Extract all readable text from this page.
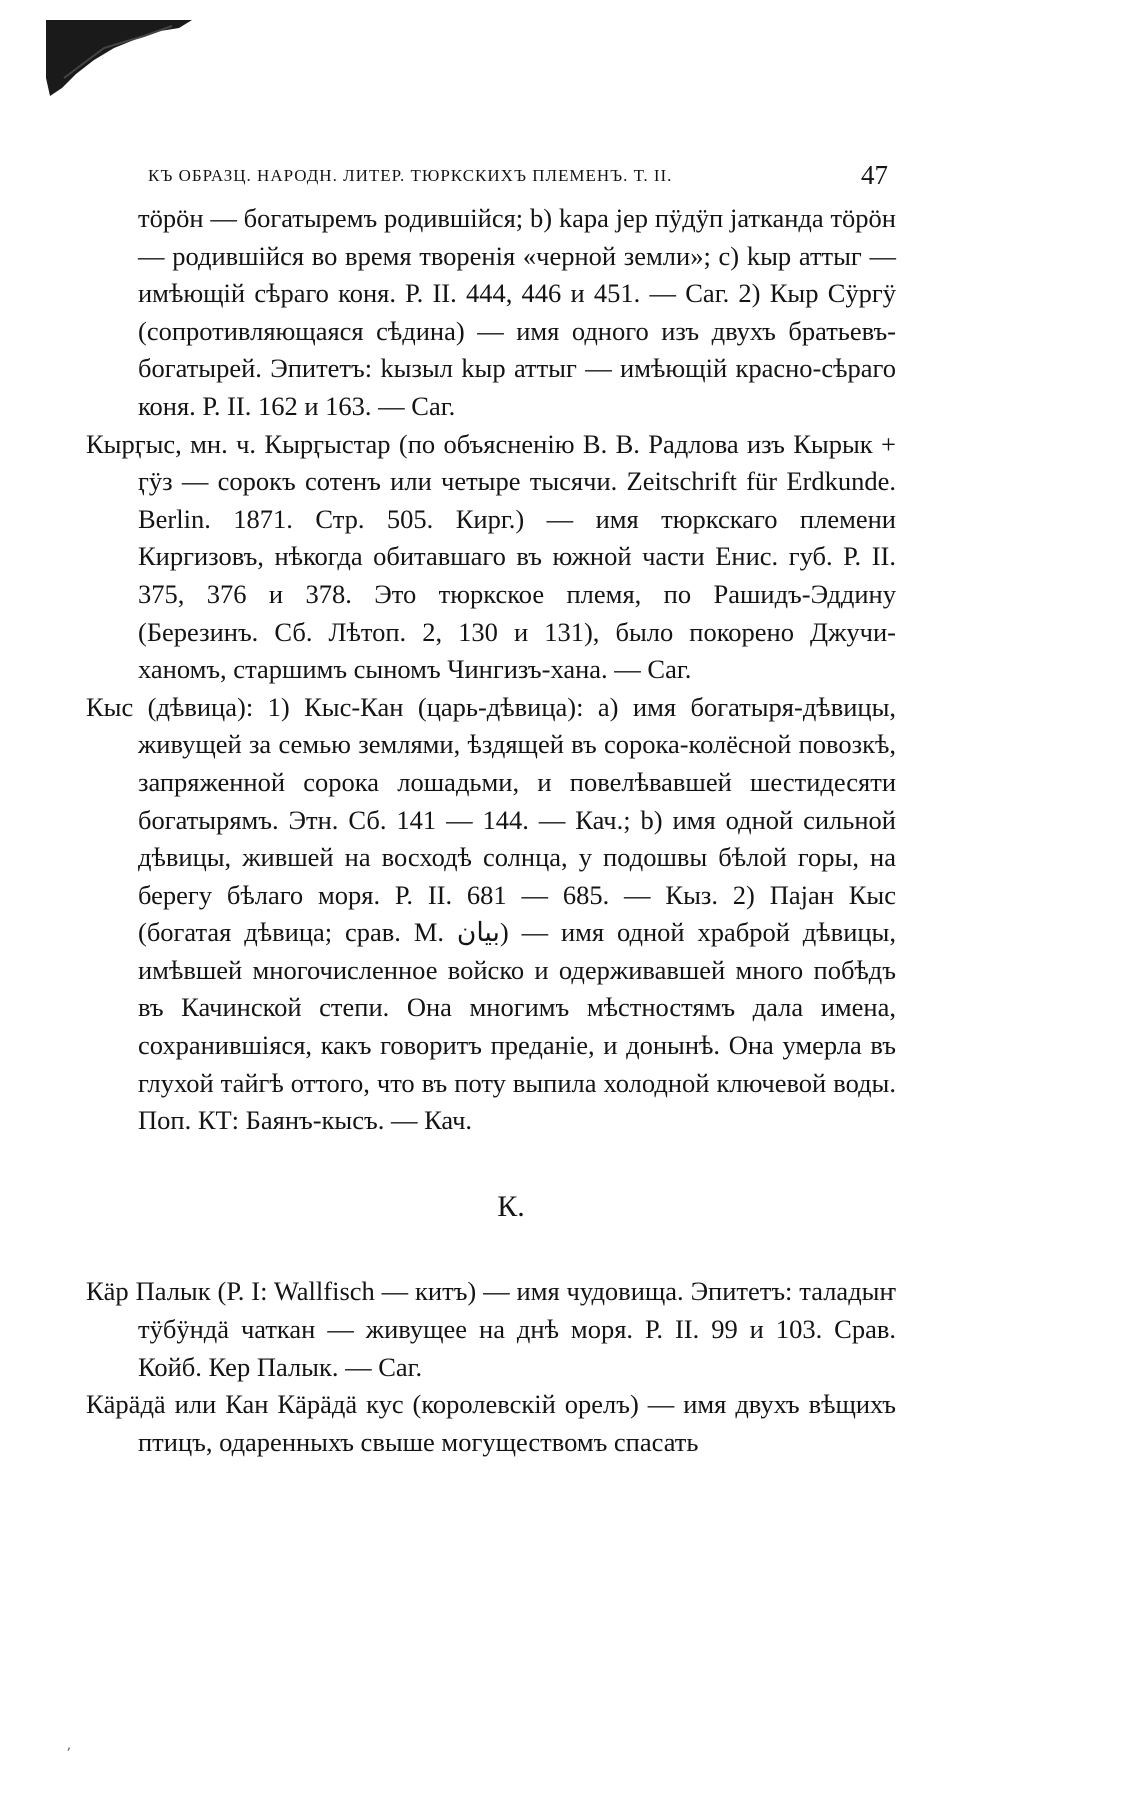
КЪ ОБРАЗЦ. НАРОДН. ЛИТЕР. ТЮРКСКИХЪ ПЛЕМЕНЪ. Т. II.	47

тӧрӧн — богатыремъ родившійся; b) kара јер пӱдӱп јатканда тӧрӧн — родившійся во время творенія «черной земли»; с) kыр аттыг — имѣющій сѣраго коня. Р. II. 444, 446 и 451. — Саг. 2) Кыр Сӱргӱ (сопротивляющаяся сѣдина) — имя одного изъ двухъ братьевъ-богатырей. Эпитетъ: kызыл kыр аттыг — имѣющій красно-сѣраго коня. Р. II. 162 и 163. — Саг.

Кырӷыс, мн. ч. Кырӷыстар (по объясненію В. В. Радлова изъ Кырык + ӷӱз — сорокъ сотенъ или четыре тысячи. Zeitschrift für Erdkunde. Berlin. 1871. Стр. 505. Кирг.) — имя тюркскаго племени Киргизовъ, нѣкогда обитавшаго въ южной части Енис. губ. Р. II. 375, 376 и 378. Это тюркское племя, по Рашидъ-Эддину (Березинъ. Сб. Лѣтоп. 2, 130 и 131), было покорено Джучи-ханомъ, старшимъ сыномъ Чингизъ-хана. — Саг.

Кыс (дѣвица): 1) Кыс-Кан (царь-дѣвица): a) имя богатыря-дѣвицы, живущей за семью землями, ѣздящей въ сорока-колёсной повозкѣ, запряженной сорока лошадьми, и повелѣвавшей шестидесяти богатырямъ. Этн. Сб. 141 — 144. — Кач.; b) имя одной сильной дѣвицы, жившей на восходѣ солнца, у подошвы бѣлой горы, на берегу бѣлаго моря. Р. II. 681 — 685. — Кыз. 2) Пајан Кыс (богатая дѣвица; срав. М. بيان) — имя одной храброй дѣвицы, имѣвшей многочисленное войско и одерживавшей много побѣдъ въ Качинской степи. Она многимъ мѣстностямъ дала имена, сохранившіяся, какъ говоритъ преданіе, и донынѣ. Она умерла въ глухой тайгѣ оттого, что въ поту выпила холодной ключевой воды. Поп. КТ: Баянъ-кысъ. — Кач.

К.

Кäр Палык (Р. I: Wallfisch — китъ) — имя чудовища. Эпитетъ: таладыҥ тӱбӱндӓ чаткан — живущее на днѣ моря. Р. II. 99 и 103. Срав. Койб. Кер Палык. — Саг.

Кäрӓдӓ или Кан Кäрӓдӓ кус (королевскій орелъ) — имя двухъ вѣщихъ птицъ, одаренныхъ свыше могуществомъ спасать

ʼ
